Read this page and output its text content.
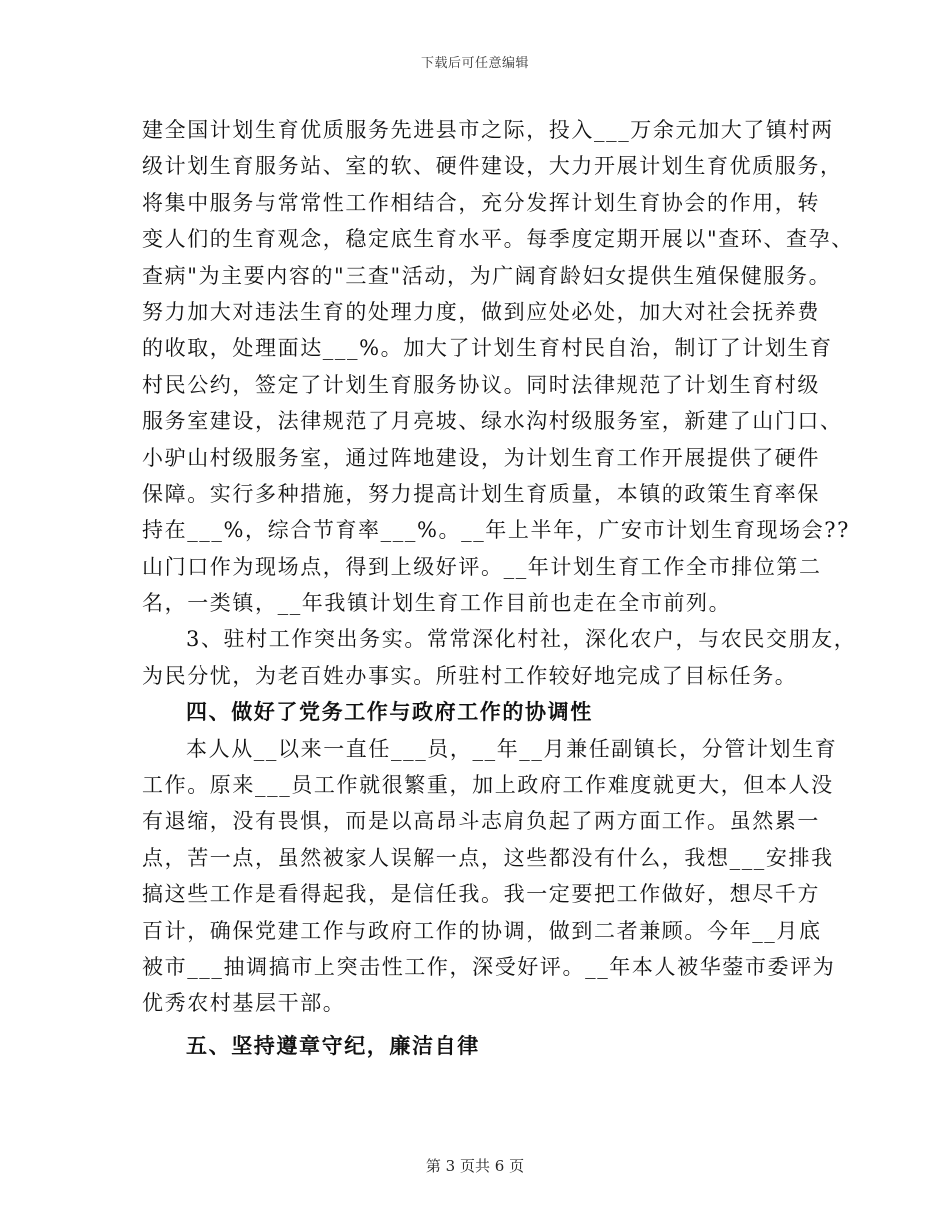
下载后可任意编辑
建全国计划生育优质服务先进县市之际，投入___万余元加大了镇村两
级计划生育服务站、室的软、硬件建设，大力开展计划生育优质服务，
将集中服务与常常性工作相结合，充分发挥计划生育协会的作用，转
变人们的生育观念，稳定底生育水平。每季度定期开展以"查环、查孕、
查病"为主要内容的"三查"活动，为广阔育龄妇女提供生殖保健服务。
努力加大对违法生育的处理力度，做到应处必处，加大对社会抚养费
的收取，处理面达___%。加大了计划生育村民自治，制订了计划生育
村民公约，签定了计划生育服务协议。同时法律规范了计划生育村级
服务室建设，法律规范了月亮坡、绿水沟村级服务室，新建了山门口、
小驴山村级服务室，通过阵地建设，为计划生育工作开展提供了硬件
保障。实行多种措施，努力提高计划生育质量，本镇的政策生育率保
持在___%，综合节育率___%。__年上半年，广安市计划生育现场会??
山门口作为现场点，得到上级好评。__年计划生育工作全市排位第二
名，一类镇，__年我镇计划生育工作目前也走在全市前列。
3、驻村工作突出务实。常常深化村社，深化农户，与农民交朋友，
为民分忧，为老百姓办事实。所驻村工作较好地完成了目标任务。
四、做好了党务工作与政府工作的协调性
本人从__以来一直任___员，__年__月兼任副镇长，分管计划生育
工作。原来___员工作就很繁重，加上政府工作难度就更大，但本人没
有退缩，没有畏惧，而是以高昂斗志肩负起了两方面工作。虽然累一
点，苦一点，虽然被家人误解一点，这些都没有什么，我想___安排我
搞这些工作是看得起我，是信任我。我一定要把工作做好，想尽千方
百计，确保党建工作与政府工作的协调，做到二者兼顾。今年__月底
被市___抽调搞市上突击性工作，深受好评。__年本人被华蓥市委评为
优秀农村基层干部。
五、坚持遵章守纪，廉洁自律
第 3 页共 6 页
